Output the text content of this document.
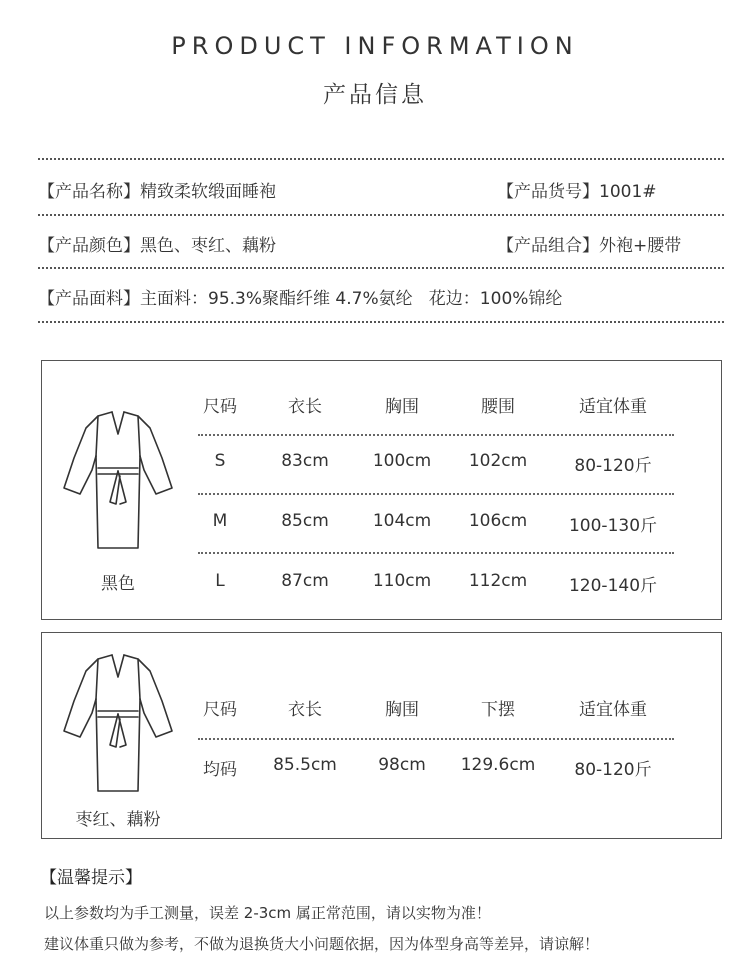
PRODUCT INFORMATION
产品信息
【产品名称】精致柔软缎面睡袍	【产品货号】1001#
【产品颜色】黑色、枣红、藕粉	【产品组合】外袍+腰带
【产品面料】主面料：95.3%聚酯纤维 4.7%氨纶   花边：100%锦纶
黑色
尺码	衣长	胸围	腰围	适宜体重
S	83cm	100cm	102cm	80-120斤
M	85cm	104cm	106cm	100-130斤
L	87cm	110cm	112cm	120-140斤
枣红、藕粉
尺码	衣长	胸围	下摆	适宜体重
均码	85.5cm	98cm	129.6cm	80-120斤
【温馨提示】
以上参数均为手工测量，误差 2-3cm 属正常范围，请以实物为准！
建议体重只做为参考，不做为退换货大小问题依据，因为体型身高等差异，请谅解！
